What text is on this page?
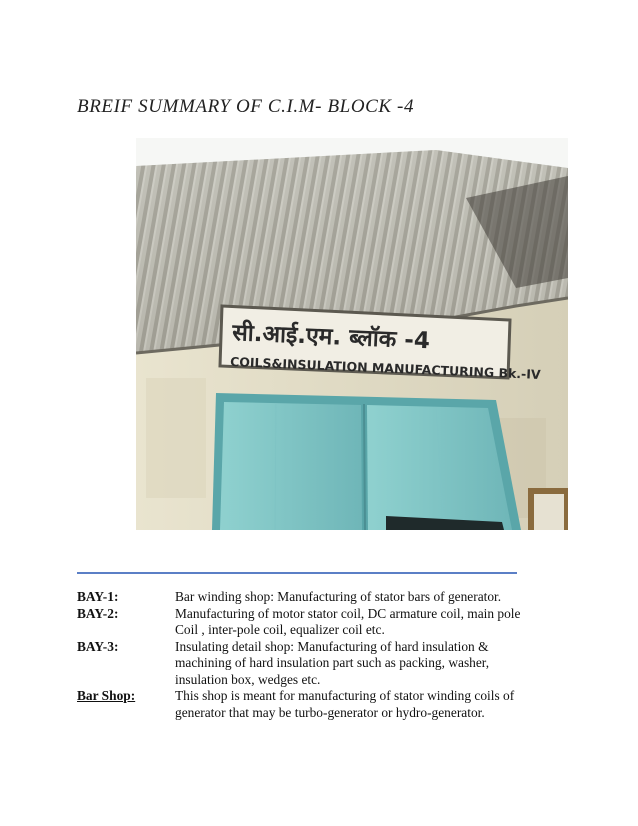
BREIF SUMMARY OF C.I.M- BLOCK -4
सी.आई.एम. ब्लॉक -4
COILS&INSULATION MANUFACTURING Bk.-IV
BAY-1:	Bar winding shop: Manufacturing of stator bars of generator.
BAY-2:	Manufacturing of motor stator coil, DC armature coil, main pole
Coil , inter-pole coil, equalizer coil etc.
BAY-3:	Insulating detail shop: Manufacturing of hard insulation &
machining of hard insulation part such as packing, washer,
insulation box, wedges etc.
Bar Shop:	This shop is meant for manufacturing of stator winding coils of
generator that may be turbo-generator or hydro-generator.
